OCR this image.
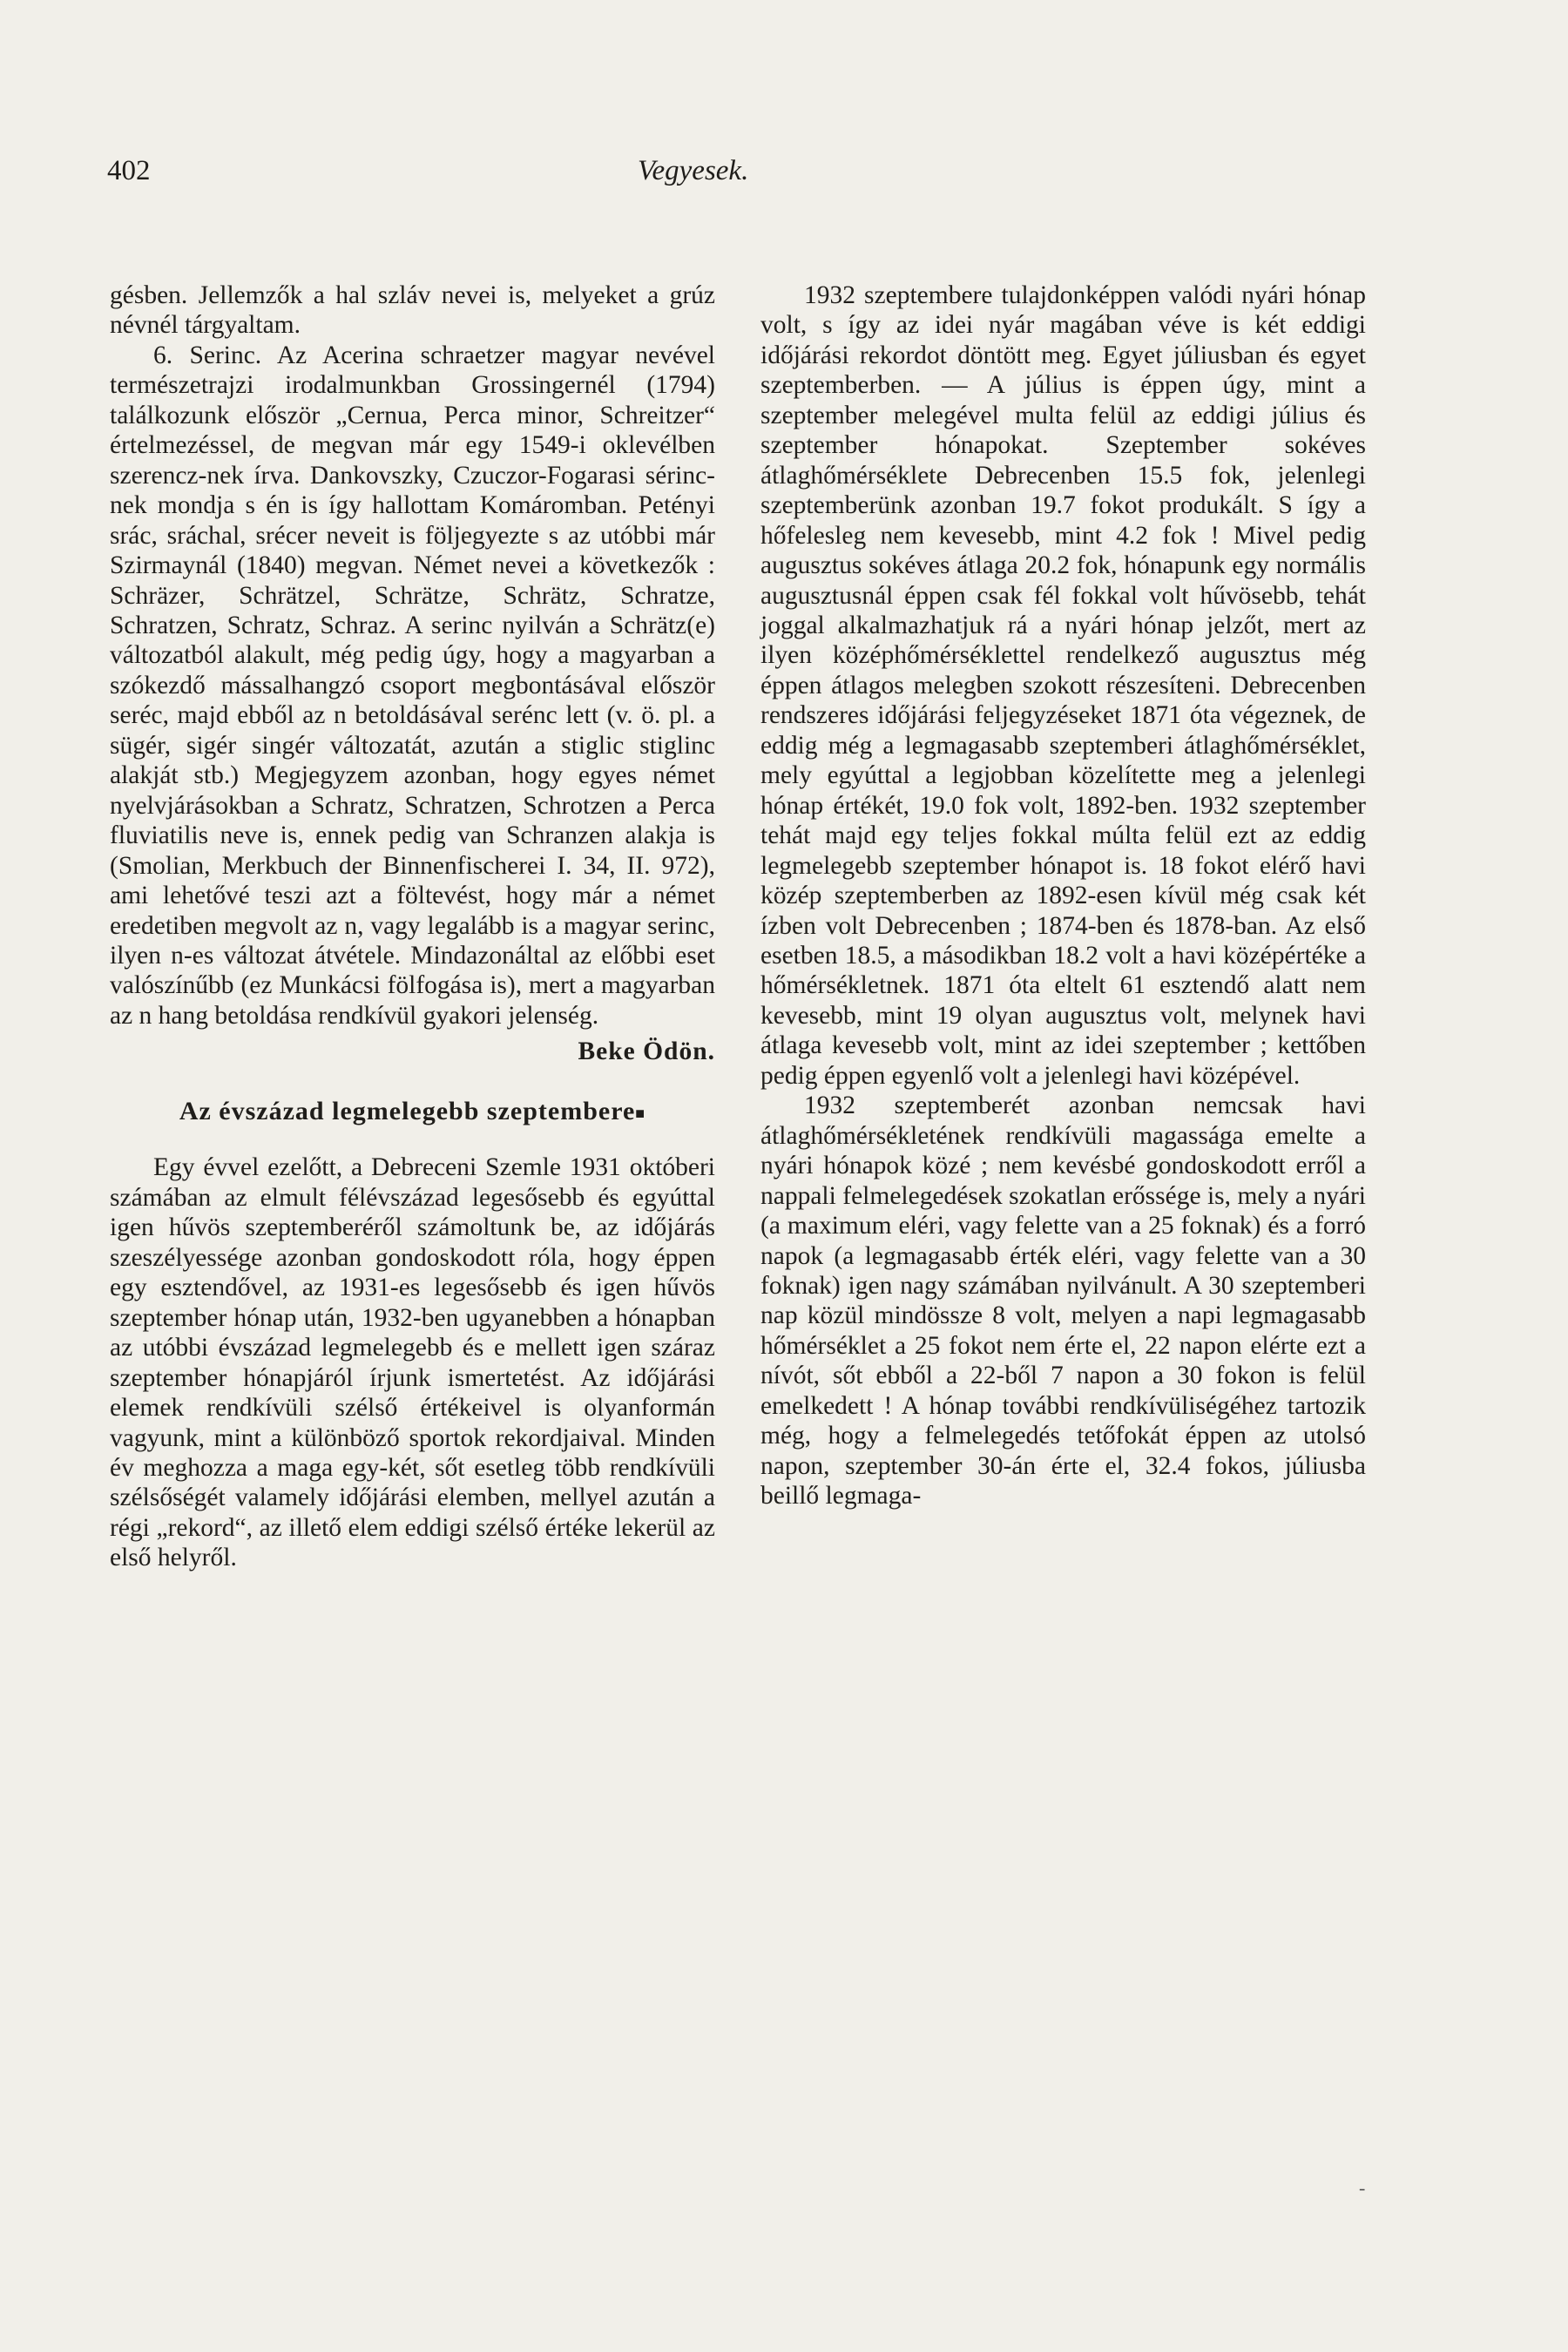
402	Vegyesek.

gésben. Jellemzők a hal szláv nevei is, melyeket a grúz névnél tárgyaltam.

6. Serinc. Az Acerina schraetzer magyar nevével természetrajzi irodalmunkban Grossingernél (1794) találkozunk először „Cernua, Perca minor, Schreitzer“ értelmezéssel, de megvan már egy 1549-i oklevélben szerencz-nek írva. Dankovszky, Czuczor-Fogarasi sérinc-nek mondja s én is így hallottam Komáromban. Petényi srác, sráchal, srécer neveit is följegyezte s az utóbbi már Szirmaynál (1840) megvan. Német nevei a következők : Schräzer, Schrätzel, Schrätze, Schrätz, Schratze, Schratzen, Schratz, Schraz. A serinc nyilván a Schrätz(e) változatból alakult, még pedig úgy, hogy a magyarban a szókezdő mássalhangzó csoport megbontásával először seréc, majd ebből az n betoldásával serénc lett (v. ö. pl. a sügér, sigér singér változatát, azután a stiglic stiglinc alakját stb.) Megjegyzem azonban, hogy egyes német nyelvjárásokban a Schratz, Schratzen, Schrotzen a Perca fluviatilis neve is, ennek pedig van Schranzen alakja is (Smolian, Merkbuch der Binnenfischerei I. 34, II. 972), ami lehetővé teszi azt a föltevést, hogy már a német eredetiben megvolt az n, vagy legalább is a magyar serinc, ilyen n-es változat átvétele. Mindazonáltal az előbbi eset valószínűbb (ez Munkácsi fölfogása is), mert a magyarban az n hang betoldása rendkívül gyakori jelenség.

Beke Ödön.
Az évszázad legmelegebb szeptembere■

Egy évvel ezelőtt, a Debreceni Szemle 1931 októberi számában az elmult félévszázad legesősebb és egyúttal igen hűvös szeptemberéről számoltunk be, az időjárás szeszélyessége azonban gondoskodott róla, hogy éppen egy esztendővel, az 1931-es legesősebb és igen hűvös szeptember hónap után, 1932-ben ugyanebben a hónapban az utóbbi évszázad legmelegebb és e mellett igen száraz szeptember hónapjáról írjunk ismertetést. Az időjárási elemek rendkívüli szélső értékeivel is olyanformán vagyunk, mint a különböző sportok rekordjaival. Minden év meghozza a maga egy-két, sőt esetleg több rendkívüli szélsőségét valamely időjárási elemben, mellyel azután a régi „rekord“, az illető elem eddigi szélső értéke lekerül az első helyről.

1932 szeptembere tulajdonképpen valódi nyári hónap volt, s így az idei nyár magában véve is két eddigi időjárási rekordot döntött meg. Egyet júliusban és egyet szeptemberben. — A július is éppen úgy, mint a szeptember melegével multa felül az eddigi július és szeptember hónapokat. Szeptember sokéves átlaghőmérséklete Debrecenben 15.5 fok, jelenlegi szeptemberünk azonban 19.7 fokot produkált. S így a hőfelesleg nem kevesebb, mint 4.2 fok ! Mivel pedig augusztus sokéves átlaga 20.2 fok, hónapunk egy normális augusztusnál éppen csak fél fokkal volt hűvösebb, tehát joggal alkalmazhatjuk rá a nyári hónap jelzőt, mert az ilyen középhőmérséklettel rendelkező augusztus még éppen átlagos melegben szokott részesíteni. Debrecenben rendszeres időjárási feljegyzéseket 1871 óta végeznek, de eddig még a legmagasabb szeptemberi átlaghőmérséklet, mely egyúttal a legjobban közelítette meg a jelenlegi hónap értékét, 19.0 fok volt, 1892-ben. 1932 szeptember tehát majd egy teljes fokkal múlta felül ezt az eddig legmelegebb szeptember hónapot is. 18 fokot elérő havi közép szeptemberben az 1892-esen kívül még csak két ízben volt Debrecenben ; 1874-ben és 1878-ban. Az első esetben 18.5, a másodikban 18.2 volt a havi középértéke a hőmérsékletnek. 1871 óta eltelt 61 esztendő alatt nem kevesebb, mint 19 olyan augusztus volt, melynek havi átlaga kevesebb volt, mint az idei szeptember ; kettőben pedig éppen egyenlő volt a jelenlegi havi középével.

1932 szeptemberét azonban nemcsak havi átlaghőmérsékletének rendkívüli magassága emelte a nyári hónapok közé ; nem kevésbé gondoskodott erről a nappali felmelegedések szokatlan erőssége is, mely a nyári (a maximum eléri, vagy felette van a 25 foknak) és a forró napok (a legmagasabb érték eléri, vagy felette van a 30 foknak) igen nagy számában nyilvánult. A 30 szeptemberi nap közül mindössze 8 volt, melyen a napi legmagasabb hőmérséklet a 25 fokot nem érte el, 22 napon elérte ezt a nívót, sőt ebből a 22-ből 7 napon a 30 fokon is felül emelkedett ! A hónap további rendkívüliségéhez tartozik még, hogy a felmelegedés tetőfokát éppen az utolsó napon, szeptember 30-án érte el, 32.4 fokos, júliusba beillő legmaga-

-
